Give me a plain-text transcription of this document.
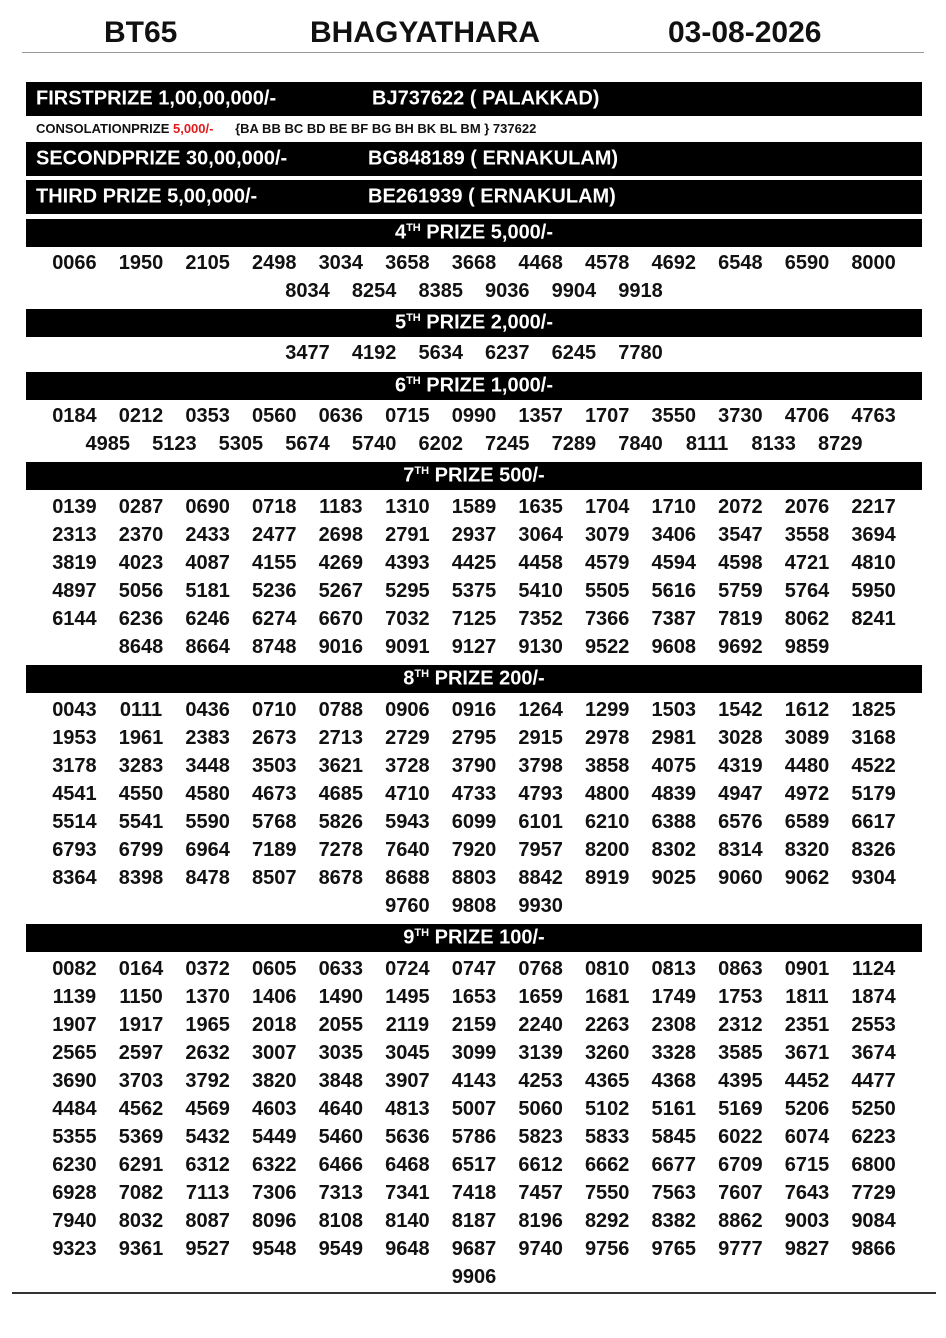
BT65	BHAGYATHARA	03-08-2026
FIRSTPRIZE 1,00,00,000/-	BJ737622 ( PALAKKAD)
CONSOLATIONPRIZE 5,000/- {BA BB BC BD BE BF BG BH BK BL BM } 737622
SECONDPRIZE 30,00,000/-	BG848189 ( ERNAKULAM)
THIRD PRIZE 5,00,000/-	BE261939 ( ERNAKULAM)
4TH PRIZE 5,000/-
0066	1950	2105	2498	3034	3658	3668	4468	4578	4692	6548	6590	8000
8034	8254	8385	9036	9904	9918
5TH PRIZE 2,000/-
3477	4192	5634	6237	6245	7780
6TH PRIZE 1,000/-
0184	0212	0353	0560	0636	0715	0990	1357	1707	3550	3730	4706	4763
4985	5123	5305	5674	5740	6202	7245	7289	7840	8111	8133	8729
7TH PRIZE 500/-
0139	0287	0690	0718	1183	1310	1589	1635	1704	1710	2072	2076	2217
2313	2370	2433	2477	2698	2791	2937	3064	3079	3406	3547	3558	3694
3819	4023	4087	4155	4269	4393	4425	4458	4579	4594	4598	4721	4810
4897	5056	5181	5236	5267	5295	5375	5410	5505	5616	5759	5764	5950
6144	6236	6246	6274	6670	7032	7125	7352	7366	7387	7819	8062	8241
8648	8664	8748	9016	9091	9127	9130	9522	9608	9692	9859
8TH PRIZE 200/-
0043	0111	0436	0710	0788	0906	0916	1264	1299	1503	1542	1612	1825
1953	1961	2383	2673	2713	2729	2795	2915	2978	2981	3028	3089	3168
3178	3283	3448	3503	3621	3728	3790	3798	3858	4075	4319	4480	4522
4541	4550	4580	4673	4685	4710	4733	4793	4800	4839	4947	4972	5179
5514	5541	5590	5768	5826	5943	6099	6101	6210	6388	6576	6589	6617
6793	6799	6964	7189	7278	7640	7920	7957	8200	8302	8314	8320	8326
8364	8398	8478	8507	8678	8688	8803	8842	8919	9025	9060	9062	9304
9760	9808	9930
9TH PRIZE 100/-
0082	0164	0372	0605	0633	0724	0747	0768	0810	0813	0863	0901	1124
1139	1150	1370	1406	1490	1495	1653	1659	1681	1749	1753	1811	1874
1907	1917	1965	2018	2055	2119	2159	2240	2263	2308	2312	2351	2553
2565	2597	2632	3007	3035	3045	3099	3139	3260	3328	3585	3671	3674
3690	3703	3792	3820	3848	3907	4143	4253	4365	4368	4395	4452	4477
4484	4562	4569	4603	4640	4813	5007	5060	5102	5161	5169	5206	5250
5355	5369	5432	5449	5460	5636	5786	5823	5833	5845	6022	6074	6223
6230	6291	6312	6322	6466	6468	6517	6612	6662	6677	6709	6715	6800
6928	7082	7113	7306	7313	7341	7418	7457	7550	7563	7607	7643	7729
7940	8032	8087	8096	8108	8140	8187	8196	8292	8382	8862	9003	9084
9323	9361	9527	9548	9549	9648	9687	9740	9756	9765	9777	9827	9866
9906
